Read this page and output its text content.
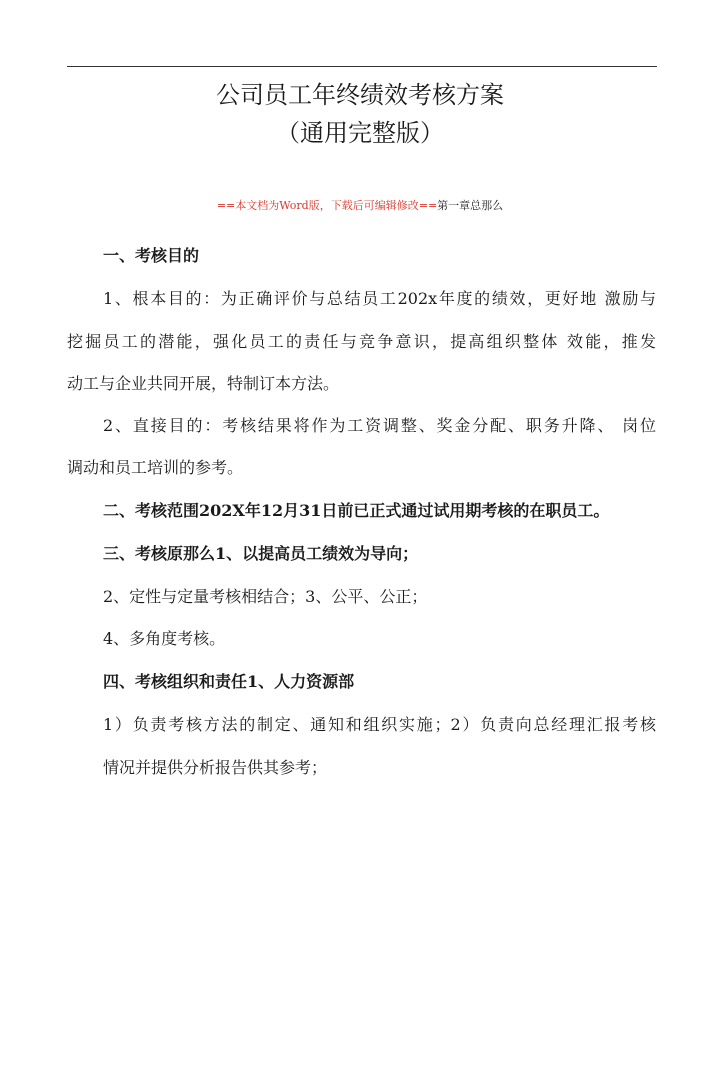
公司员工年终绩效考核方案
（通用完整版）
==本文档为Word版，下载后可编辑修改==第一章总那么
一、考核目的
1、根本目的：为正确评价与总结员工202x年度的绩效，更好地 激励与
挖掘员工的潜能，强化员工的责任与竞争意识，提高组织整体 效能，推发
动工与企业共同开展，特制订本方法。
2、直接目的：考核结果将作为工资调整、奖金分配、职务升降、 岗位
调动和员工培训的参考。
二、考核范围202X年12月31日前已正式通过试用期考核的在职员工。
三、考核原那么1、以提高员工绩效为导向；
2、定性与定量考核相结合；3、公平、公正；
4、多角度考核。
四、考核组织和责任1、人力资源部
1）负责考核方法的制定、通知和组织实施；2）负责向总经理汇报考核
情况并提供分析报告供其参考；
